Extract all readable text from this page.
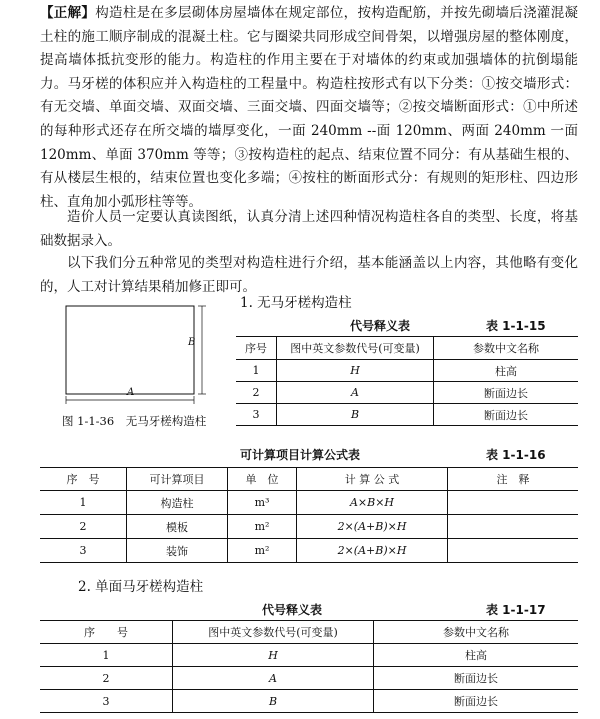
【正解】构造柱是在多层砌体房屋墙体在规定部位，按构造配筋，并按先砌墙后浇灌混凝土柱的施工顺序制成的混凝土柱。它与圈梁共同形成空间骨架，以增强房屋的整体刚度，提高墙体抵抗变形的能力。构造柱的作用主要在于对墙体的约束或加强墙体的抗倒塌能力。马牙槎的体积应并入构造柱的工程量中。构造柱按形式有以下分类：①按交墙形式：有无交墙、单面交墙、双面交墙、三面交墙、四面交墙等；②按交墙断面形式：①中所述的每种形式还存在所交墙的墙厚变化，一面 240mm --面 120mm、两面 240mm 一面 120mm、单面 370mm 等等；③按构造柱的起点、结束位置不同分：有从基础生根的、有从楼层生根的，结束位置也变化多端；④按柱的断面形式分：有规则的矩形柱、四边形柱、直角加小弧形柱等等。

造价人员一定要认真读图纸，认真分清上述四种情况构造柱各自的类型、长度，将基础数据录入。

以下我们分五种常见的类型对构造柱进行介绍，基本能涵盖以上内容，其他略有变化的，人工对计算结果稍加修正即可。

A
B
图 1-1-36　无马牙槎构造柱
1. 无马牙槎构造柱
代号释义表	表 1-1-15
序号	图中英文参数代号(可变量)	参数中文名称
1	H	柱高
2	A	断面边长
3	B	断面边长
可计算项目计算公式表	表 1-1-16
序　号	可计算项目	单　位	计 算 公 式	注　释
1	构造柱	m³	A×B×H	
2	模板	m²	2×(A+B)×H	
3	装饰	m²	2×(A+B)×H	
2. 单面马牙槎构造柱
代号释义表	表 1-1-17
序　　号	图中英文参数代号(可变量)	参数中文名称
1	H	柱高
2	A	断面边长
3	B	断面边长
